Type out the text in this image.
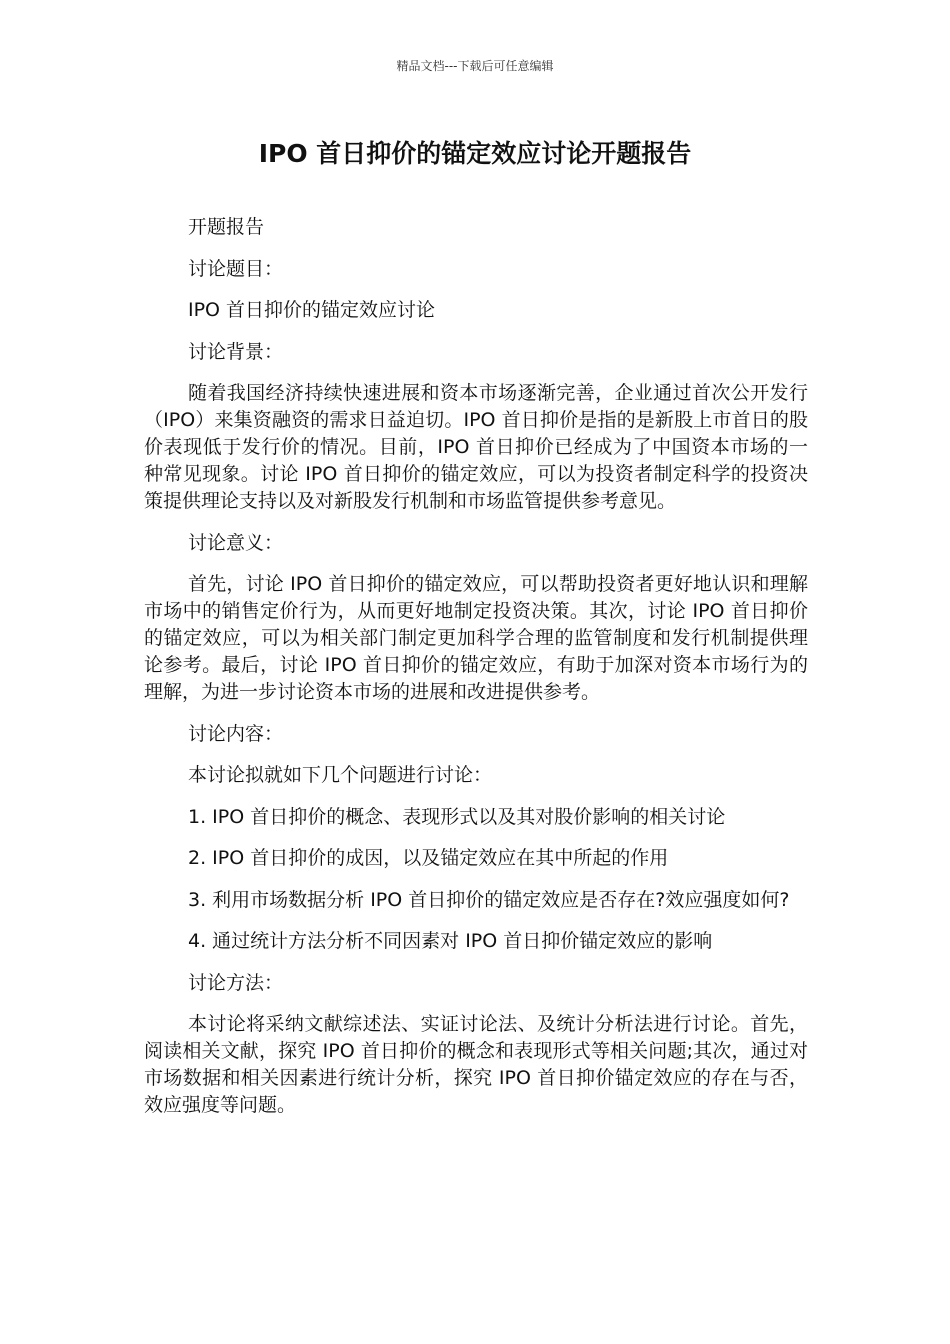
精品文档---下载后可任意编辑
IPO 首日抑价的锚定效应讨论开题报告

开题报告

讨论题目：

IPO 首日抑价的锚定效应讨论

讨论背景：

随着我国经济持续快速进展和资本市场逐渐完善，企业通过首次公开发行（IPO）来集资融资的需求日益迫切。IPO 首日抑价是指的是新股上市首日的股价表现低于发行价的情况。目前，IPO 首日抑价已经成为了中国资本市场的一种常见现象。讨论 IPO 首日抑价的锚定效应，可以为投资者制定科学的投资决策提供理论支持以及对新股发行机制和市场监管提供参考意见。

讨论意义：

首先，讨论 IPO 首日抑价的锚定效应，可以帮助投资者更好地认识和理解市场中的销售定价行为，从而更好地制定投资决策。其次，讨论 IPO 首日抑价的锚定效应，可以为相关部门制定更加科学合理的监管制度和发行机制提供理论参考。最后，讨论 IPO 首日抑价的锚定效应，有助于加深对资本市场行为的理解，为进一步讨论资本市场的进展和改进提供参考。

讨论内容：

本讨论拟就如下几个问题进行讨论：

1. IPO 首日抑价的概念、表现形式以及其对股价影响的相关讨论

2. IPO 首日抑价的成因，以及锚定效应在其中所起的作用

3. 利用市场数据分析 IPO 首日抑价的锚定效应是否存在?效应强度如何?

4. 通过统计方法分析不同因素对 IPO 首日抑价锚定效应的影响

讨论方法：

本讨论将采纳文献综述法、实证讨论法、及统计分析法进行讨论。首先，阅读相关文献，探究 IPO 首日抑价的概念和表现形式等相关问题;其次，通过对市场数据和相关因素进行统计分析，探究 IPO 首日抑价锚定效应的存在与否，效应强度等问题。
